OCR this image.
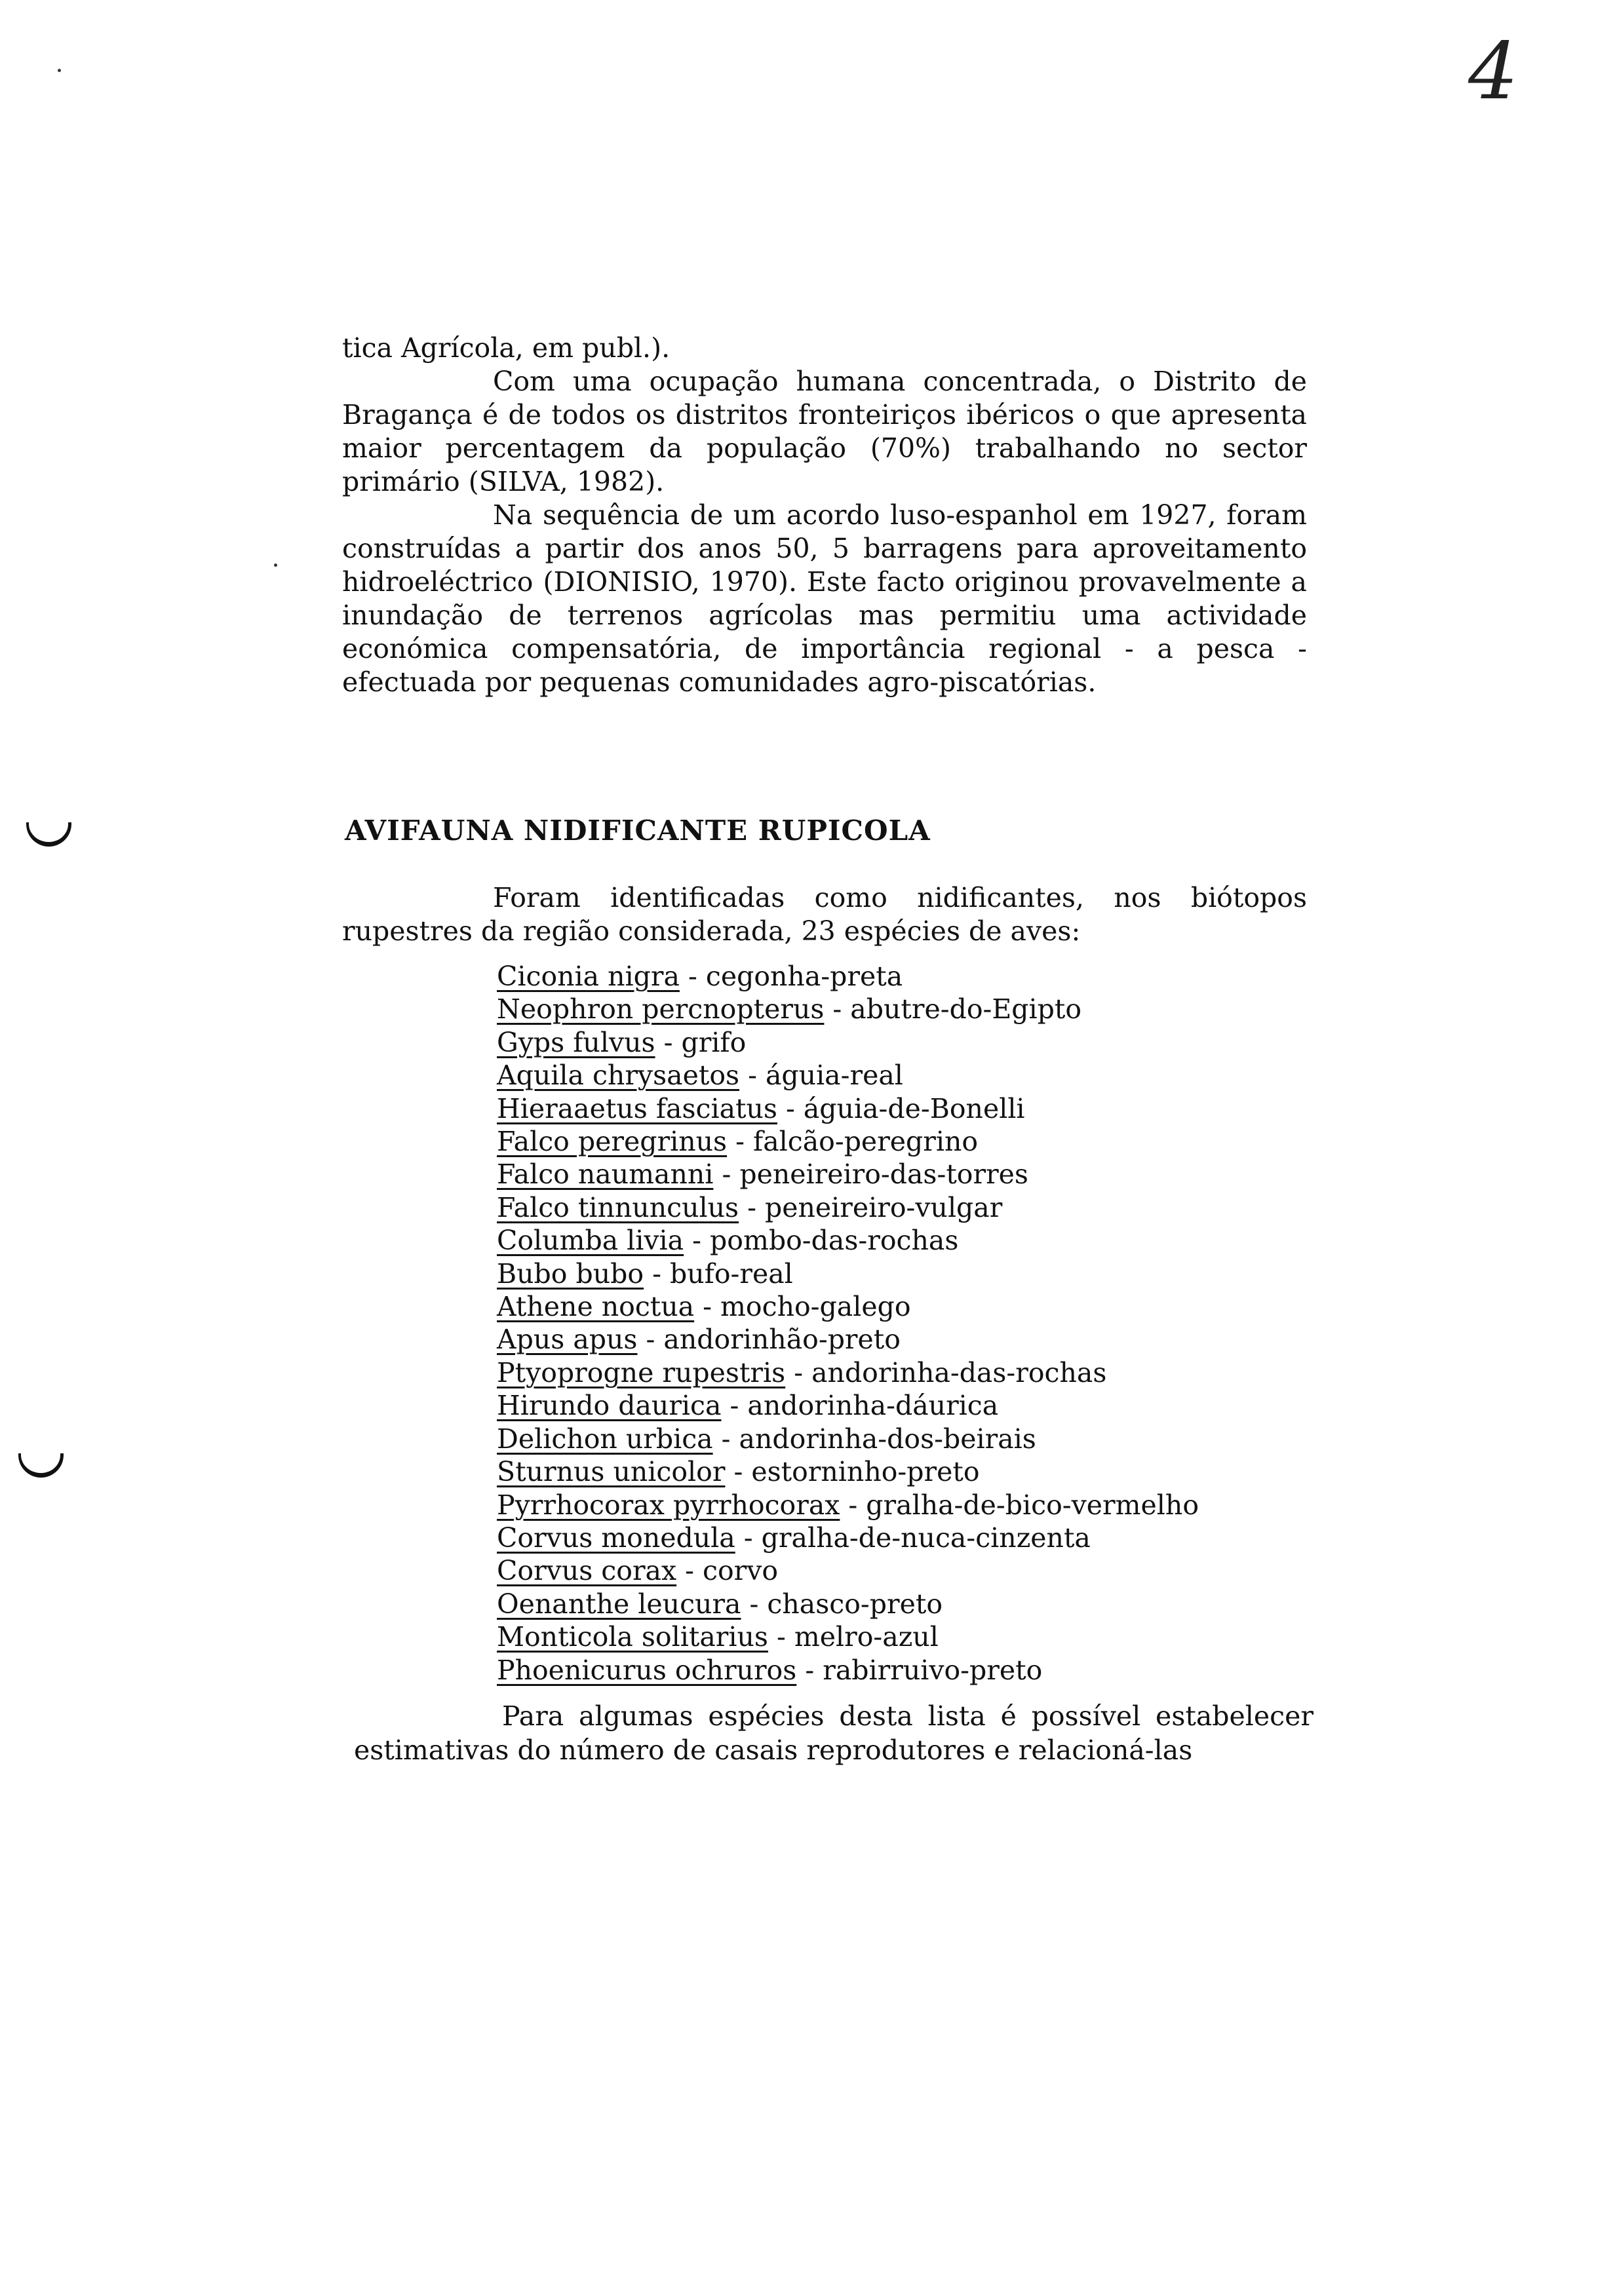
4

tica Agrícola, em publ.).

Com uma ocupação humana concentrada, o Distrito de Bragança é de todos os distritos fronteiriços ibéricos o que apresenta maior percentagem da população (70%) trabalhando no sector primário (SILVA, 1982).

Na sequência de um acordo luso-espanhol em 1927, foram construídas a partir dos anos 50, 5 barragens para aproveitamento hidroeléctrico (DIONISIO, 1970). Este facto originou provavelmente a inundação de terrenos agrícolas mas permitiu uma actividade económica compensatória, de importância regional - a pesca - efectuada por pequenas comunidades agro-piscatórias.

AVIFAUNA NIDIFICANTE RUPICOLA

Foram identificadas como nidificantes, nos biótopos rupestres da região considerada, 23 espécies de aves:

Ciconia nigra - cegonha-preta
Neophron percnopterus - abutre-do-Egipto
Gyps fulvus - grifo
Aquila chrysaetos - águia-real
Hieraaetus fasciatus - águia-de-Bonelli
Falco peregrinus - falcão-peregrino
Falco naumanni - peneireiro-das-torres
Falco tinnunculus - peneireiro-vulgar
Columba livia - pombo-das-rochas
Bubo bubo - bufo-real
Athene noctua - mocho-galego
Apus apus - andorinhão-preto
Ptyoprogne rupestris - andorinha-das-rochas
Hirundo daurica - andorinha-dáurica
Delichon urbica - andorinha-dos-beirais
Sturnus unicolor - estorninho-preto
Pyrrhocorax pyrrhocorax - gralha-de-bico-vermelho
Corvus monedula - gralha-de-nuca-cinzenta
Corvus corax - corvo
Oenanthe leucura - chasco-preto
Monticola solitarius - melro-azul
Phoenicurus ochruros - rabirruivo-preto

Para algumas espécies desta lista é possível estabelecer estimativas do número de casais reprodutores e relacioná-las
